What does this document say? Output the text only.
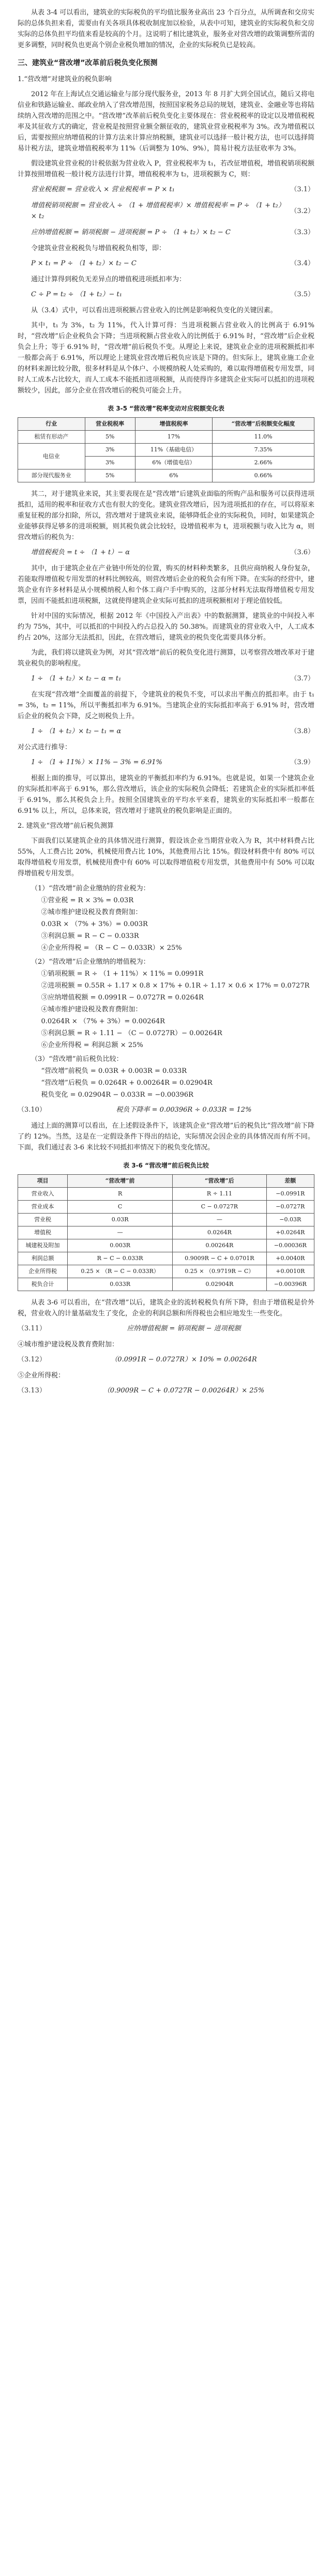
从表 3-4 可以看出，建筑业的实际税负的平均值比服务业高出 23 个百分点，从所调查和交房实际的总体负担来看，需要由有关各项具体税收制度加以检验，从表中可知，建筑业的实际税负和交房实际的总体负担平均值来看是较高的个月。这说明了相比建筑业，服务业对营改增的政策调整所需的更多调整，同时税负也更高个别企业税负增加的情况，企业的实际税负已是较高。

三、建筑业“营改增”改革前后税负变化预测

1.“营改增”对建筑业的税负影响

2012 年在上海试点交通运输业与部分现代服务业，2013 年 8 月扩大到全国试点，随后又将电信业和铁路运输业、邮政业纳入了营改增范围，按照国家税务总局的规划，建筑业、金融业等也将陆续纳入营改增的范围之中。“营改增”改革前后税负变化主要体现在：营业税税率的设定以及增值税税率及其征收方式的确定，营业税是按照营业额全额征收的，建筑业营业税税率为 3%。改为增值税以后，需要按照应纳增值税的计算方法来计算应纳税额，建筑业可以选择一般计税方法，也可以选择简易计税方法，建筑业增值税税率为 11%（后调整为 10%、9%），简易计税方法征收率为 3%。

假设建筑业营业税的计税依据为营业收入 P，营业税税率为 t₁，若改征增值税，增值税销项税额计算按照增值税一般计税方法进行计算，增值税税率为 t₂，进项税额为 C，则：

营业税税额 = 营业收入 × 营业税税率 = P × t₁	（3.1）
增值税销项税额 = 营业收入 ÷ （1 + 增值税税率）× 增值税税率 = P ÷ （1 + t₂）× t₂
（3.2）
应纳增值税额 = 销项税额 − 进项税额 = P ÷ （1 + t₂）× t₂ − C	（3.3）

令建筑业营业税税负与增值税税负相等，即：

P × t₁ = P ÷ （1 + t₂）× t₂ − C	（3.4）

通过计算得到税负无差异点的增值税进项抵扣率为：

C ÷ P = t₂ ÷ （1 + t₂）− t₁	（3.5）

从（3.4）式中，可以看出进项税额占营业收入的比例是影响税负变化的关键因素。

其中，t₁ 为 3%，t₂ 为 11%，代入计算可得：当进项税额占营业收入的比例高于 6.91% 时，“营改增”后企业税负会下降；当进项税额占营业收入的比例低于 6.91% 时，“营改增”后企业税负会上升；等于 6.91% 时，“营改增”前后税负不变。从理论上来说，建筑业企业的进项税额抵扣率一般都会高于 6.91%，所以理论上建筑业营改增后税负应该是下降的。但实际上，建筑业施工企业的材料来源比较分散，很多材料是从个体户、小规模纳税人处采购的，难以取得增值税专用发票，同时人工成本占比较大，而人工成本不能抵扣进项税额，从而使得许多建筑企业实际可以抵扣的进项税额较少，因此，部分企业在营改增后的税负可能会上升。

表 3-5 “营改增”税率变动对应税额变化表
行业	营业税税率	增值税税率	“营改增”后税额变化幅度
租赁有形动产	5%	17%	11.0%
电信业	3%	11%（基础电信）	7.35%
	3%	6%（增值电信）	2.66%
部分现代服务业	5%	6%	0.66%

其二，对于建筑业来说，其主要表现在是“营改增”后建筑业面临的所购产品和服务可以获得进项抵扣，适用的税率和征收方式也有很大的变化。建筑业营改增后，因为进项抵扣的存在，可以将原来重复征税的部分扣除，所以，营改增对于建筑业来说，能够降低企业的实际税负，同时，如果建筑企业能够获得足够多的进项税额，则其税负就会比较轻，设增值税率为 t，进项税额与收入比为 α，则营改增后的税负为：

增值税税负 = t ÷ （1 + t）− α	（3.6）

其中，由于建筑企业在产业链中所处的位置，购买的材料种类繁多，且供应商纳税人身份复杂，若能取得增值税专用发票的材料比例较高，则营改增后企业的税负会有所下降。在实际的经营中，建筑企业有许多材料是从小规模纳税人和个体工商户手中购买的，这部分材料无法取得增值税专用发票，因而不能抵扣进项税额，这就使得建筑企业实际可抵扣的进项税额相对于理论值较低。

针对中国的实际情况，根据 2012 年《中国投入产出表》中的数据测算，建筑业的中间投入率约为 75%，其中，可以抵扣的中间投入约占总投入的 50.38%。而建筑业的营业收入中，人工成本约占 20%，这部分无法抵扣，因此，在营改增后，建筑业的税负变化需要具体分析。

为此，我们将以建筑业为例，对其“营改增”前后的税负变化进行测算，以考察营改增改革对于建筑业税负的影响程度。

1 ÷ （1 + t₂）× t₂ − α = t₁	（3.7）

在实现“营改增”全面覆盖的前提下，令建筑业的税负不变，可以求出平衡点的抵扣率。由于 t₁ = 3%，t₂ = 11%，所以平衡抵扣率为 6.91%。当建筑企业的实际抵扣率高于 6.91% 时，营改增后企业的税负会下降，反之则税负上升。

1 ÷ （1 + t₂）× t₂ − t₁ = α	（3.8）

对公式进行推导：

1 ÷ （1 + 11%）× 11% − 3% = 6.91%	（3.9）

根据上面的推导，可以算出，建筑业的平衡抵扣率约为 6.91%。也就是说，如果一个建筑企业的实际抵扣率高于 6.91%，那么营改增后，该企业的实际税负会降低；若建筑企业的实际抵扣率低于 6.91%，那么其税负会上升。按照全国建筑业的平均水平来看，建筑业的实际抵扣率一般都在 6.91% 以上，所以，总体来说，营改增对于建筑业的税负影响是正面的。

2. 建筑业“营改增”前后税负测算

下面我们以某建筑企业的具体情况进行测算，假设该企业当期营业收入为 R，其中材料费占比 55%，人工费占比 20%，机械使用费占比 10%，其他费用占比 15%。假设材料费中有 80% 可以取得增值税专用发票，机械使用费中有 60% 可以取得增值税专用发票，其他费用中有 50% 可以取得增值税专用发票。

（1）“营改增”前企业缴纳的营业税为：
①营业税 = R × 3% = 0.03R
②城市维护建设税及教育费附加：
0.03R × （7% + 3%）= 0.003R
③利润总额 = R − C − 0.033R
④企业所得税 = （R − C − 0.033R）× 25%
（2）“营改增”后企业缴纳的增值税为：
①销项税额 = R ÷ （1 + 11%）× 11% = 0.0991R
②进项税额 = 0.55R ÷ 1.17 × 0.8 × 17% + 0.1R ÷ 1.17 × 0.6 × 17% = 0.0727R
③应纳增值税额 = 0.0991R − 0.0727R = 0.0264R
④城市维护建设税及教育费附加：
0.0264R × （7% + 3%）= 0.00264R
⑤利润总额 = R ÷ 1.11 − （C − 0.0727R）− 0.00264R
⑥企业所得税 = 利润总额 × 25%
（3）“营改增”前后税负比较：
“营改增”前税负 = 0.03R + 0.003R = 0.033R
“营改增”后税负 = 0.0264R + 0.00264R = 0.02904R
税负变化 = 0.02904R − 0.033R = −0.00396R
（3.10）	税负下降率 = 0.00396R ÷ 0.033R = 12%

通过上面的测算可以看出，在上述假设条件下，该建筑企业“营改增”后的税负比“营改增”前下降了约 12%。当然，这是在一定假设条件下得出的结论，实际情况会因企业的具体情况而有所不同。下面，我们通过表 3-6 来比较不同抵扣率情况下的税负变化情况。

表 3-6 “营改增”前后税负比较
项目	“营改增”前	“营改增”后	差额
营业收入	R	R ÷ 1.11	−0.0991R
营业成本	C	C − 0.0727R	−0.0727R
营业税	0.03R	—	−0.03R
增值税	—	0.0264R	+0.0264R
城建税及附加	0.003R	0.00264R	−0.00036R
利润总额	R − C − 0.033R	0.9009R − C + 0.0701R	+0.0040R
企业所得税	0.25 × （R − C − 0.033R）	0.25 × （0.9719R − C）	+0.0010R
税负合计	0.033R	0.02904R	−0.00396R

从表 3-6 可以看出，在“营改增”以后，建筑企业的流转税税负有所下降，但由于增值税是价外税，营业收入的计量基础发生了变化，企业的利润总额和所得税也会相应地发生一些变化。

（3.11）	应纳增值税额 = 销项税额 − 进项税额

④城市维护建设税及教育费附加：

（3.12）	（0.0991R − 0.0727R）× 10% = 0.00264R

⑤企业所得税：

（3.13）	（0.9009R − C + 0.0727R − 0.00264R）× 25%
